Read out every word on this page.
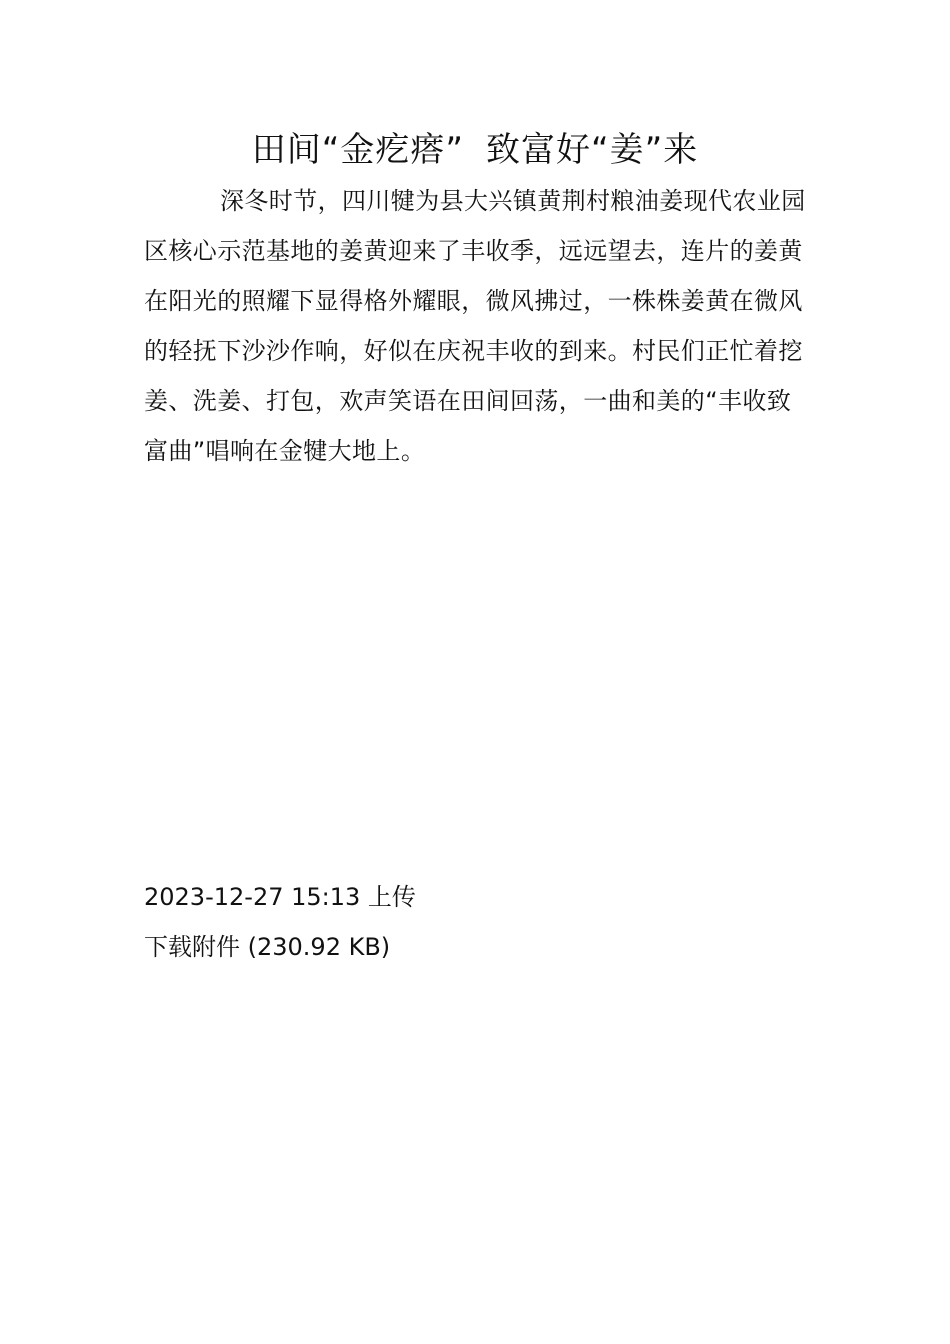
田间“金疙瘩” 致富好“姜”来

深冬时节，四川犍为县大兴镇黄荆村粮油姜现代农业园区核心示范基地的姜黄迎来了丰收季，远远望去，连片的姜黄在阳光的照耀下显得格外耀眼，微风拂过，一株株姜黄在微风的轻抚下沙沙作响，好似在庆祝丰收的到来。村民们正忙着挖姜、洗姜、打包，欢声笑语在田间回荡，一曲和美的“丰收致富曲”唱响在金犍大地上。

2023-12-27 15:13 上传
下载附件 (230.92 KB)
